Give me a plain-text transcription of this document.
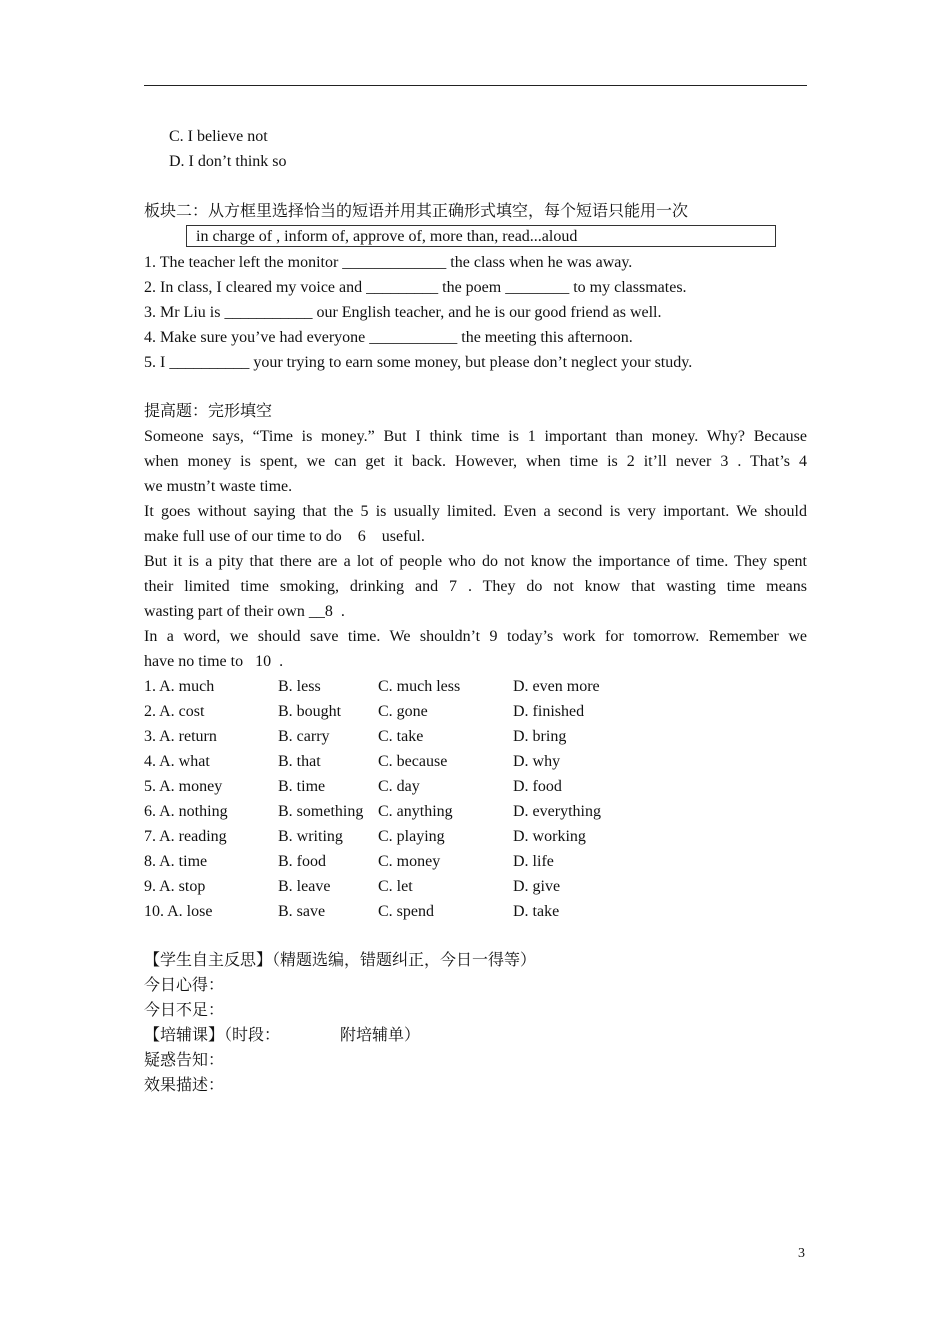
C. I believe not
D. I don’t think so
板块二：从方框里选择恰当的短语并用其正确形式填空，每个短语只能用一次
in charge of , inform of, approve of, more than, read...aloud
1. The teacher left the monitor _____________ the class when he was away.
2. In class, I cleared my voice and _________ the poem ________ to my classmates.
3. Mr Liu is ___________ our English teacher, and he is our good friend as well.
4. Make sure you’ve had everyone ___________ the meeting this afternoon.
5. I __________ your trying to earn some money, but please don’t neglect your study.
提高题：完形填空
Someone says, “Time is money.” But I think time is 1 important than money. Why? Because
when money is spent, we can get it back. However, when time is 2 it’ll never 3 . That’s 4
we mustn’t waste time.
It goes without saying that the 5 is usually limited. Even a second is very important. We should
make full use of our time to do    6    useful.
But it is a pity that there are a lot of people who do not know the importance of time. They spent
their limited time smoking, drinking and 7 . They do not know that wasting time means
wasting part of their own __8  .
In a word, we should save time. We shouldn’t 9 today’s work for tomorrow. Remember we
have no time to   10  .
1. A. much	B. less	C. much less	D. even more
2. A. cost	B. bought C. gone	D. finished
3. A. return	B. carry	C. take	D. bring
4. A. what	B. that	C. because	D. why
5. A. money	B. time	C. day	D. food
6. A. nothing	B. something C. anything	D. everything
7. A. reading	B. writing C. playing	D. working
8. A. time	B. food	C. money	D. life
9. A. stop	B. leave	C. let	D. give
10. A. lose	B. save	C. spend	D. take
【学生自主反思】（精题选编，错题纠正，今日一得等）
今日心得：
今日不足：
【培辅课】（时段：               附培辅单）
疑惑告知：
效果描述：
3
